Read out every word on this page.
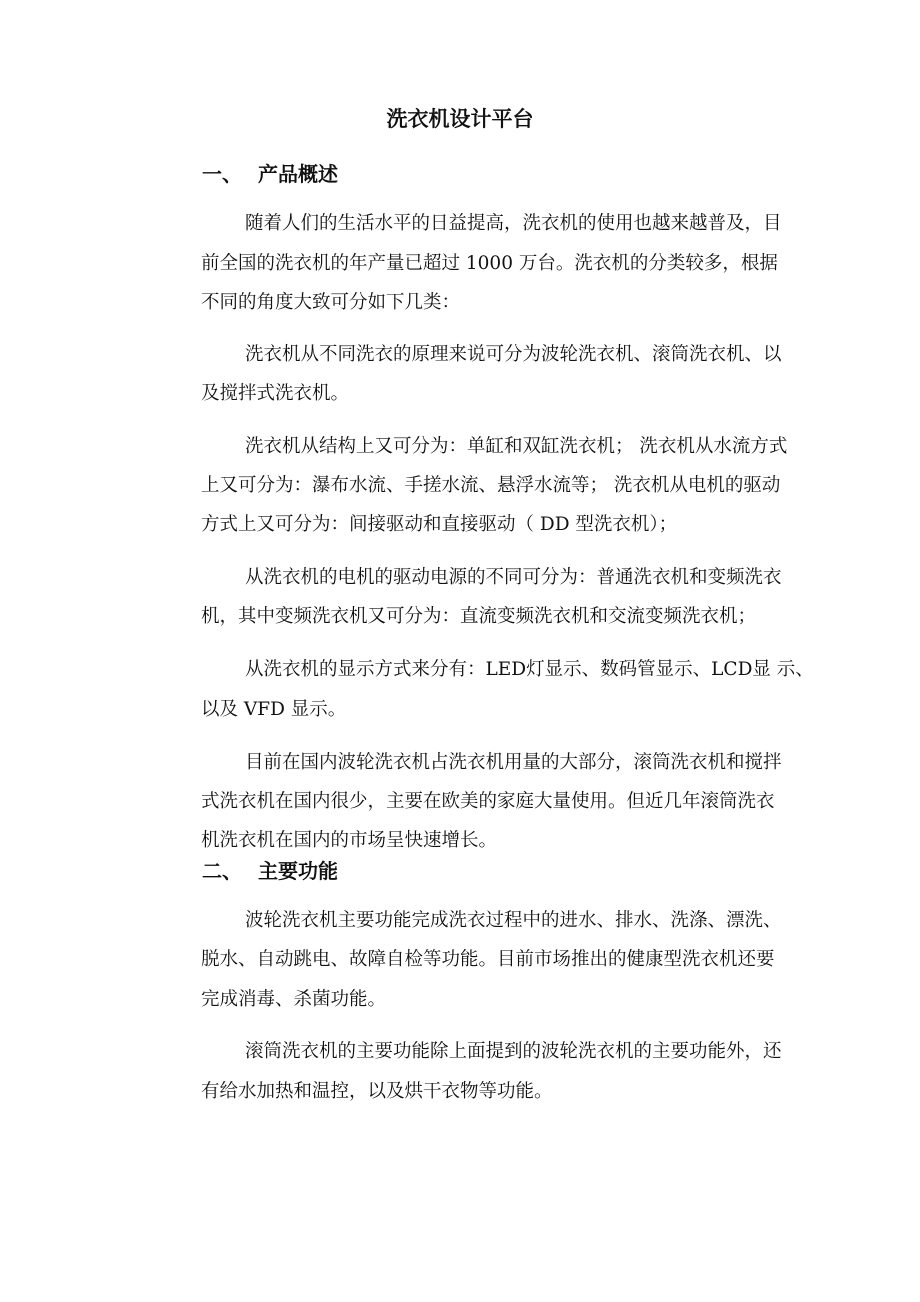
洗衣机设计平台
一、 产品概述
随着人们的生活水平的日益提高，洗衣机的使用也越来越普及，目
前全国的洗衣机的年产量已超过 1000 万台。洗衣机的分类较多，根据
不同的角度大致可分如下几类：
洗衣机从不同洗衣的原理来说可分为波轮洗衣机、滚筒洗衣机、以
及搅拌式洗衣机。
洗衣机从结构上又可分为：单缸和双缸洗衣机； 洗衣机从水流方式
上又可分为：瀑布水流、手搓水流、悬浮水流等； 洗衣机从电机的驱动
方式上又可分为：间接驱动和直接驱动（ DD 型洗衣机）；
从洗衣机的电机的驱动电源的不同可分为：普通洗衣机和变频洗衣
机，其中变频洗衣机又可分为：直流变频洗衣机和交流变频洗衣机；
从洗衣机的显示方式来分有：LED灯显示、数码管显示、LCD显 示、
以及 VFD 显示。
目前在国内波轮洗衣机占洗衣机用量的大部分，滚筒洗衣机和搅拌
式洗衣机在国内很少，主要在欧美的家庭大量使用。但近几年滚筒洗衣
机洗衣机在国内的市场呈快速增长。
二、 主要功能
波轮洗衣机主要功能完成洗衣过程中的进水、排水、洗涤、漂洗、
脱水、自动跳电、故障自检等功能。目前市场推出的健康型洗衣机还要
完成消毒、杀菌功能。
滚筒洗衣机的主要功能除上面提到的波轮洗衣机的主要功能外，还
有给水加热和温控，以及烘干衣物等功能。
